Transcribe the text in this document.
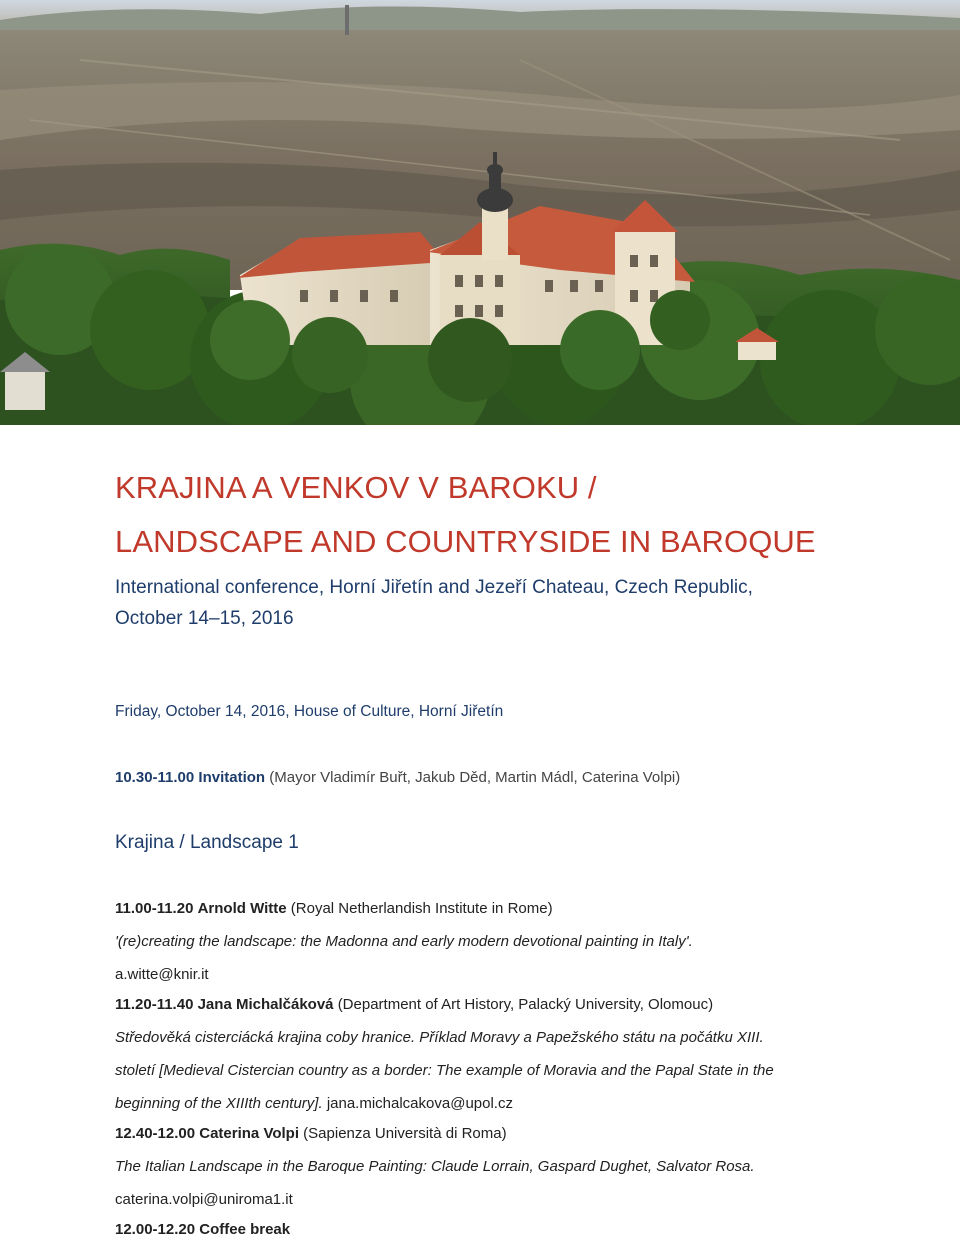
KRAJINA A VENKOV V BAROKU /
LANDSCAPE AND COUNTRYSIDE IN BAROQUE
International conference, Horní Jiřetín and Jezeří Chateau, Czech Republic,
October 14–15, 2016
Friday, October 14, 2016, House of Culture, Horní Jiřetín
10.30-11.00 Invitation (Mayor Vladimír Buřt, Jakub Děd, Martin Mádl, Caterina Volpi)
Krajina / Landscape 1
11.00-11.20 Arnold Witte (Royal Netherlandish Institute in Rome)
'(re)creating the landscape: the Madonna and early modern devotional painting in Italy'.
a.witte@knir.it
11.20-11.40 Jana Michalčáková (Department of Art History, Palacký University, Olomouc)
Středověká cisterciácká krajina coby hranice. Příklad Moravy a Papežského státu na počátku XIII.
století [Medieval Cistercian country as a border: The example of Moravia and the Papal State in the
beginning of the XIIIth century]. jana.michalcakova@upol.cz
12.40-12.00 Caterina Volpi (Sapienza Università di Roma)
The Italian Landscape in the Baroque Painting: Claude Lorrain, Gaspard Dughet, Salvator Rosa.
caterina.volpi@uniroma1.it
12.00-12.20 Coffee break
